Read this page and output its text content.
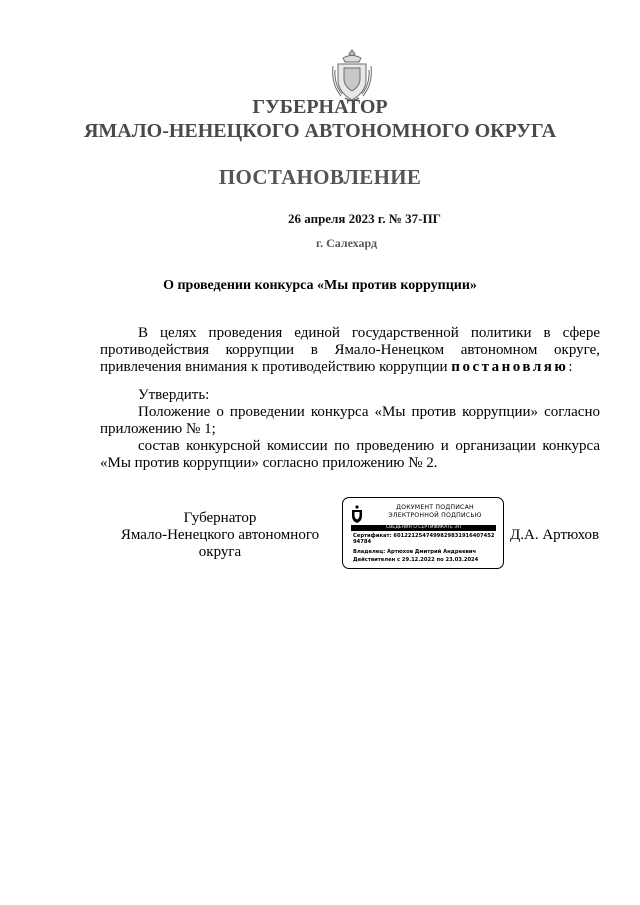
ГУБЕРНАТОР
ЯМАЛО-НЕНЕЦКОГО АВТОНОМНОГО ОКРУГА
ПОСТАНОВЛЕНИЕ
26 апреля 2023 г. № 37-ПГ
г. Салехард
О проведении конкурса «Мы против коррупции»
В целях проведения единой государственной политики в сфере противодействия коррупции в Ямало-Ненецком автономном округе, привлечения внимания к противодействию коррупции постановляю:

Утвердить:

Положение о проведении конкурса «Мы против коррупции» согласно приложению № 1;

состав конкурсной комиссии по проведению и организации конкурса «Мы против коррупции» согласно приложению № 2.

Губернатор
Ямало-Ненецкого автономного округа
ДОКУМЕНТ ПОДПИСАН
ЭЛЕКТРОННОЙ ПОДПИСЬЮ
СВЕДЕНИЯ О СЕРТИФИКАТЕ ЭП
Сертификат: 601221254749982983191640745294784
Владелец: Артюхов Дмитрий Андреевич
Действителен с 29.12.2022 по 23.03.2024
Д.А. Артюхов
